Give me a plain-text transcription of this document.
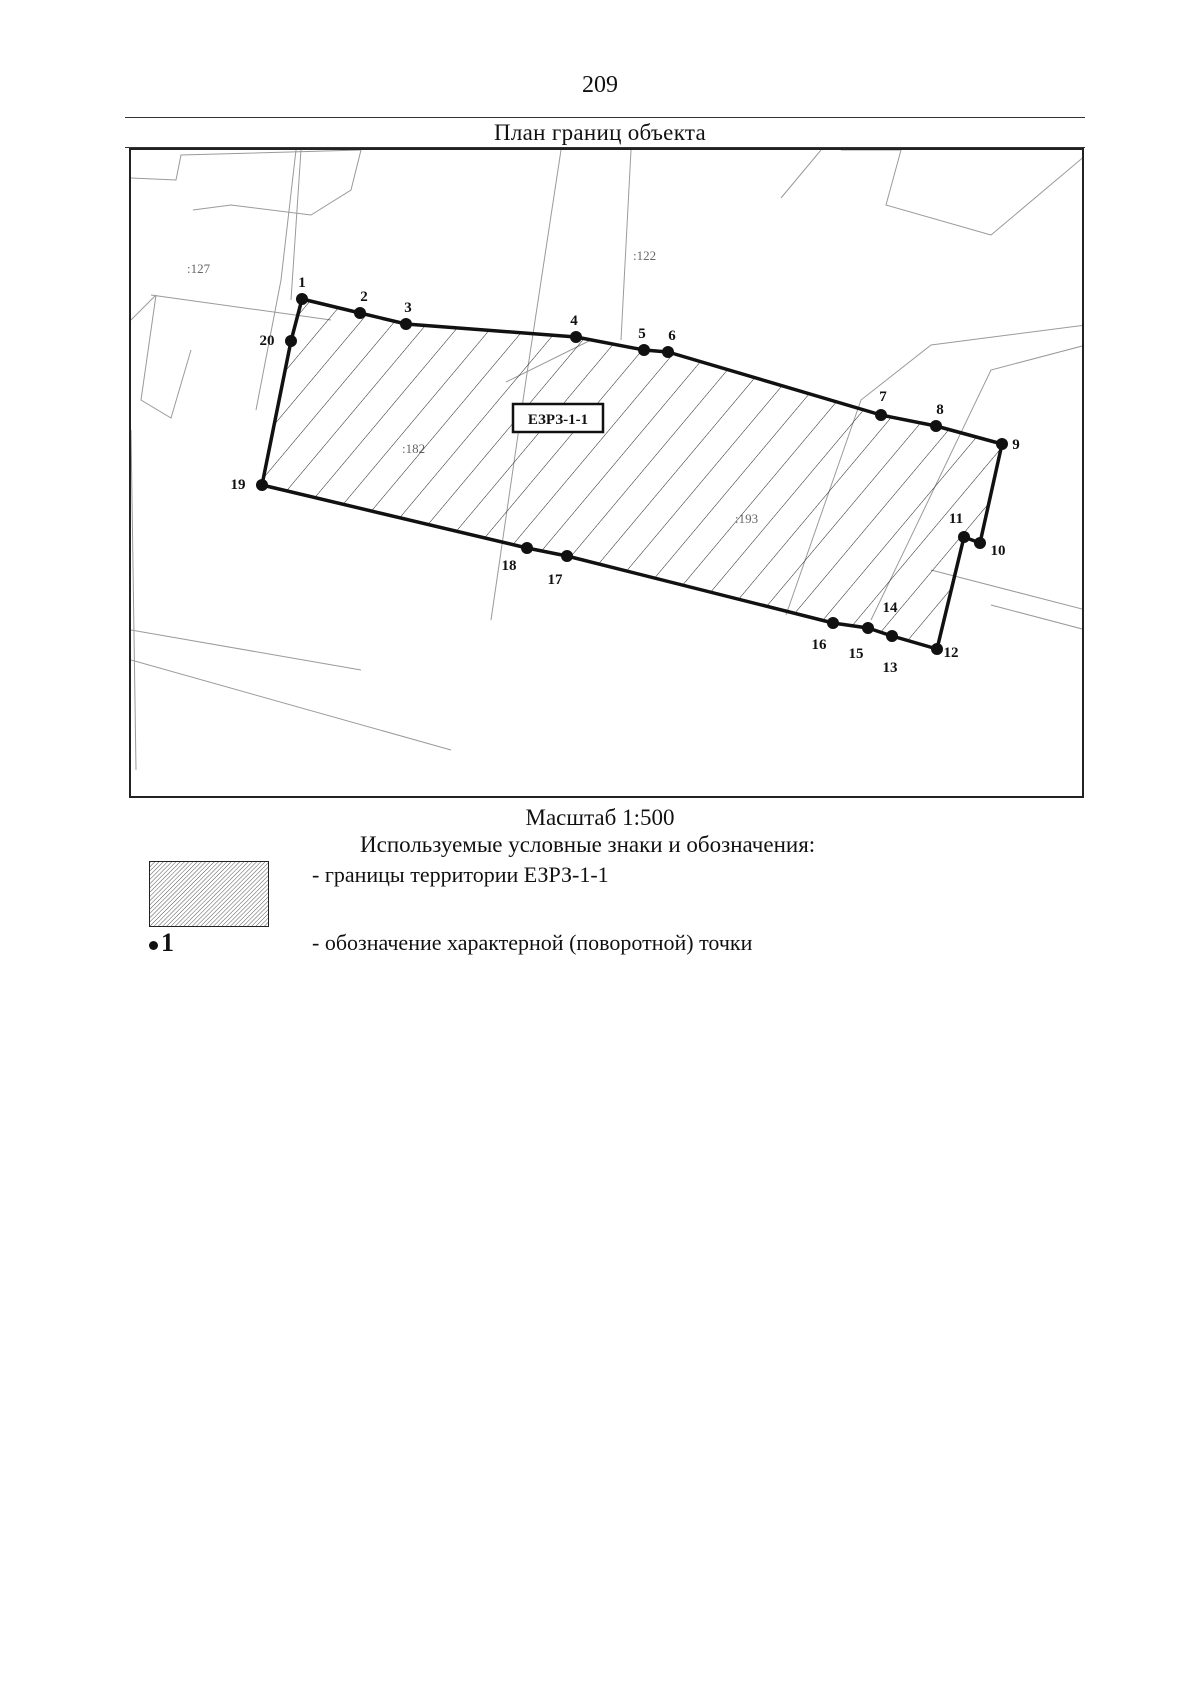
209
План границ объекта
:127
:122
ЕЗРЗ-1-1
1
2
3
4
5 6
7
8
9
10
11
12
13
14
15
16
17
18
19
20
Масштаб 1:500
Используемые условные знаки и обозначения:
- границы территории ЕЗРЗ-1-1
1	- обозначение характерной (поворотной) точки
